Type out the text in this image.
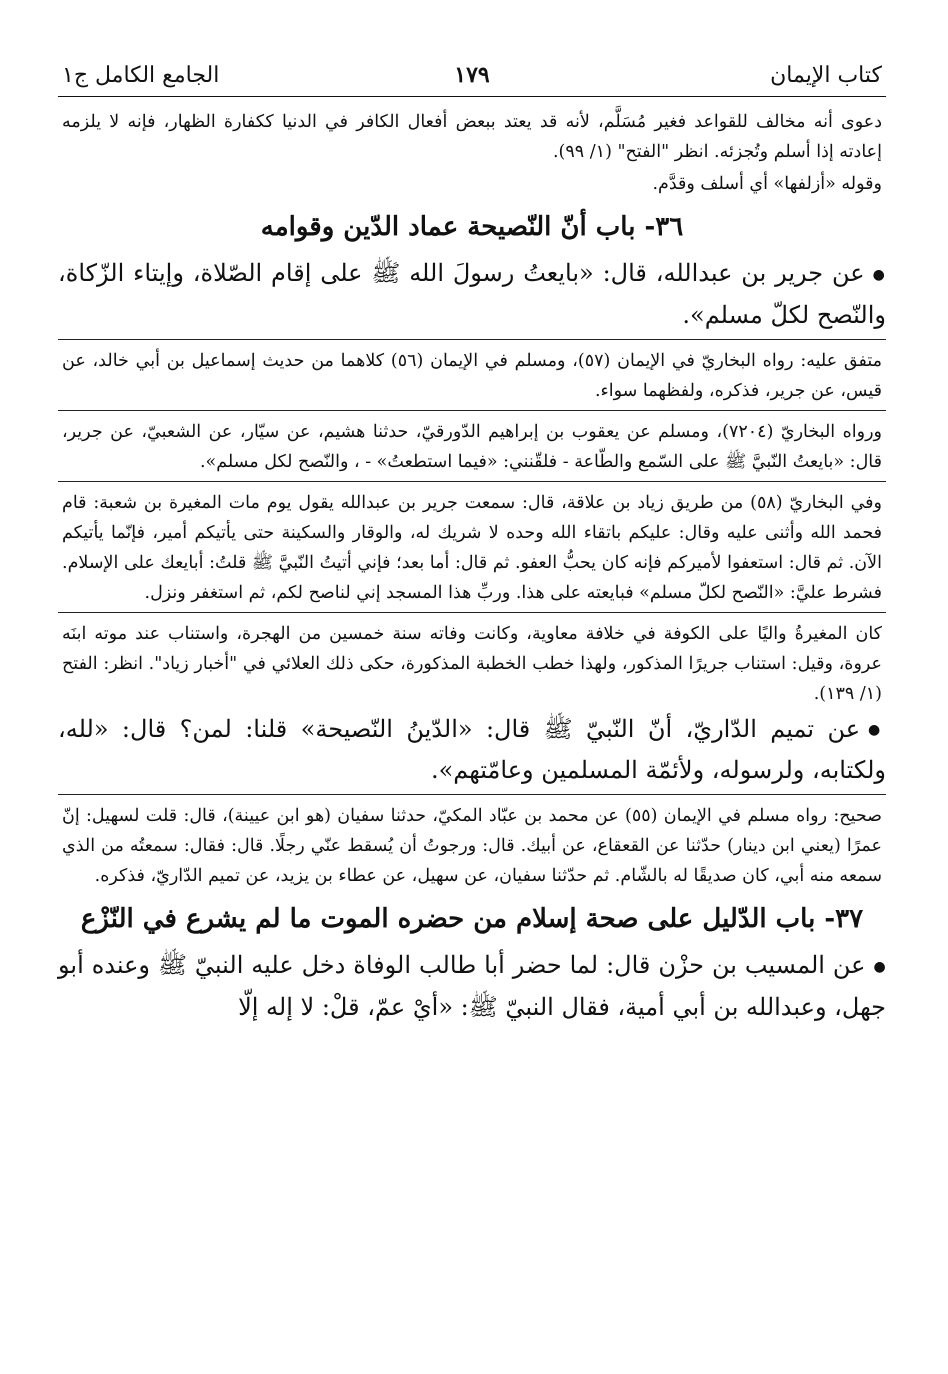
كتاب الإيمان
١٧٩
الجامع الكامل ج١

دعوى أنه مخالف للقواعد فغير مُسَلَّم، لأنه قد يعتد ببعض أفعال الكافر في الدنيا ككفارة الظهار، فإنه لا يلزمه إعادته إذا أسلم وتُجزئه. انظر "الفتح" (١/ ٩٩).

وقوله «أزلفها» أي أسلف وقدَّم.

٣٦- باب أنّ النّصيحة عماد الدّين وقوامه

●عن جرير بن عبدالله، قال: «بايعتُ رسولَ الله ﷺ على إقام الصّلاة، وإيتاء الزّكاة، والنّصح لكلّ مسلم».

متفق عليه: رواه البخاريّ في الإيمان (٥٧)، ومسلم في الإيمان (٥٦) كلاهما من حديث إسماعيل بن أبي خالد، عن قيس، عن جرير، فذكره، ولفظهما سواء.

ورواه البخاريّ (٧٢٠٤)، ومسلم عن يعقوب بن إبراهيم الدّورقيّ، حدثنا هشيم، عن سيّار، عن الشعبيّ، عن جرير، قال: «بايعتُ النّبيَّ ﷺ على السّمع والطّاعة - فلقّنني: «فيما استطعتُ» - ، والنّصح لكل مسلم».

وفي البخاريّ (٥٨) من طريق زياد بن علاقة، قال: سمعت جرير بن عبدالله يقول يوم مات المغيرة بن شعبة: قام فحمد الله وأثنى عليه وقال: عليكم باتقاء الله وحده لا شريك له، والوقار والسكينة حتى يأتيكم أمير، فإنّما يأتيكم الآن. ثم قال: استعفوا لأميركم فإنه كان يحبُّ العفو. ثم قال: أما بعد؛ فإني أتيتُ النّبيَّ ﷺ قلتُ: أبايعك على الإسلام. فشرط عليَّ: «النّصح لكلّ مسلم» فبايعته على هذا. وربِّ هذا المسجد إني لناصح لكم، ثم استغفر ونزل.

كان المغيرةُ واليًا على الكوفة في خلافة معاوية، وكانت وفاته سنة خمسين من الهجرة، واستناب عند موته ابنَه عروة، وقيل: استناب جريرًا المذكور، ولهذا خطب الخطبة المذكورة، حكى ذلك العلائي في "أخبار زياد". انظر: الفتح (١/ ١٣٩).

●عن تميم الدّاريّ، أنّ النّبيّ ﷺ قال: «الدّينُ النّصيحة» قلنا: لمن؟ قال: «لله، ولكتابه، ولرسوله، ولأئمّة المسلمين وعامّتهم».

صحيح: رواه مسلم في الإيمان (٥٥) عن محمد بن عبّاد المكيّ، حدثنا سفيان (هو ابن عيينة)، قال: قلت لسهيل: إنّ عمرًا (يعني ابن دينار) حدّثنا عن القعقاع، عن أبيك. قال: ورجوتُ أن يُسقط عنّي رجلًا. قال: فقال: سمعتُه من الذي سمعه منه أبي، كان صديقًا له بالشّام. ثم حدّثنا سفيان، عن سهيل، عن عطاء بن يزيد، عن تميم الدّاريّ، فذكره.

٣٧- باب الدّليل على صحة إسلام من حضره الموت ما لم يشرع في النّزْع

●عن المسيب بن حزْن قال: لما حضر أبا طالب الوفاة دخل عليه النبيّ ﷺ وعنده أبو جهل، وعبدالله بن أبي أمية، فقال النبيّ ﷺ: «أيْ عمّ، قلْ: لا إله إلّا
